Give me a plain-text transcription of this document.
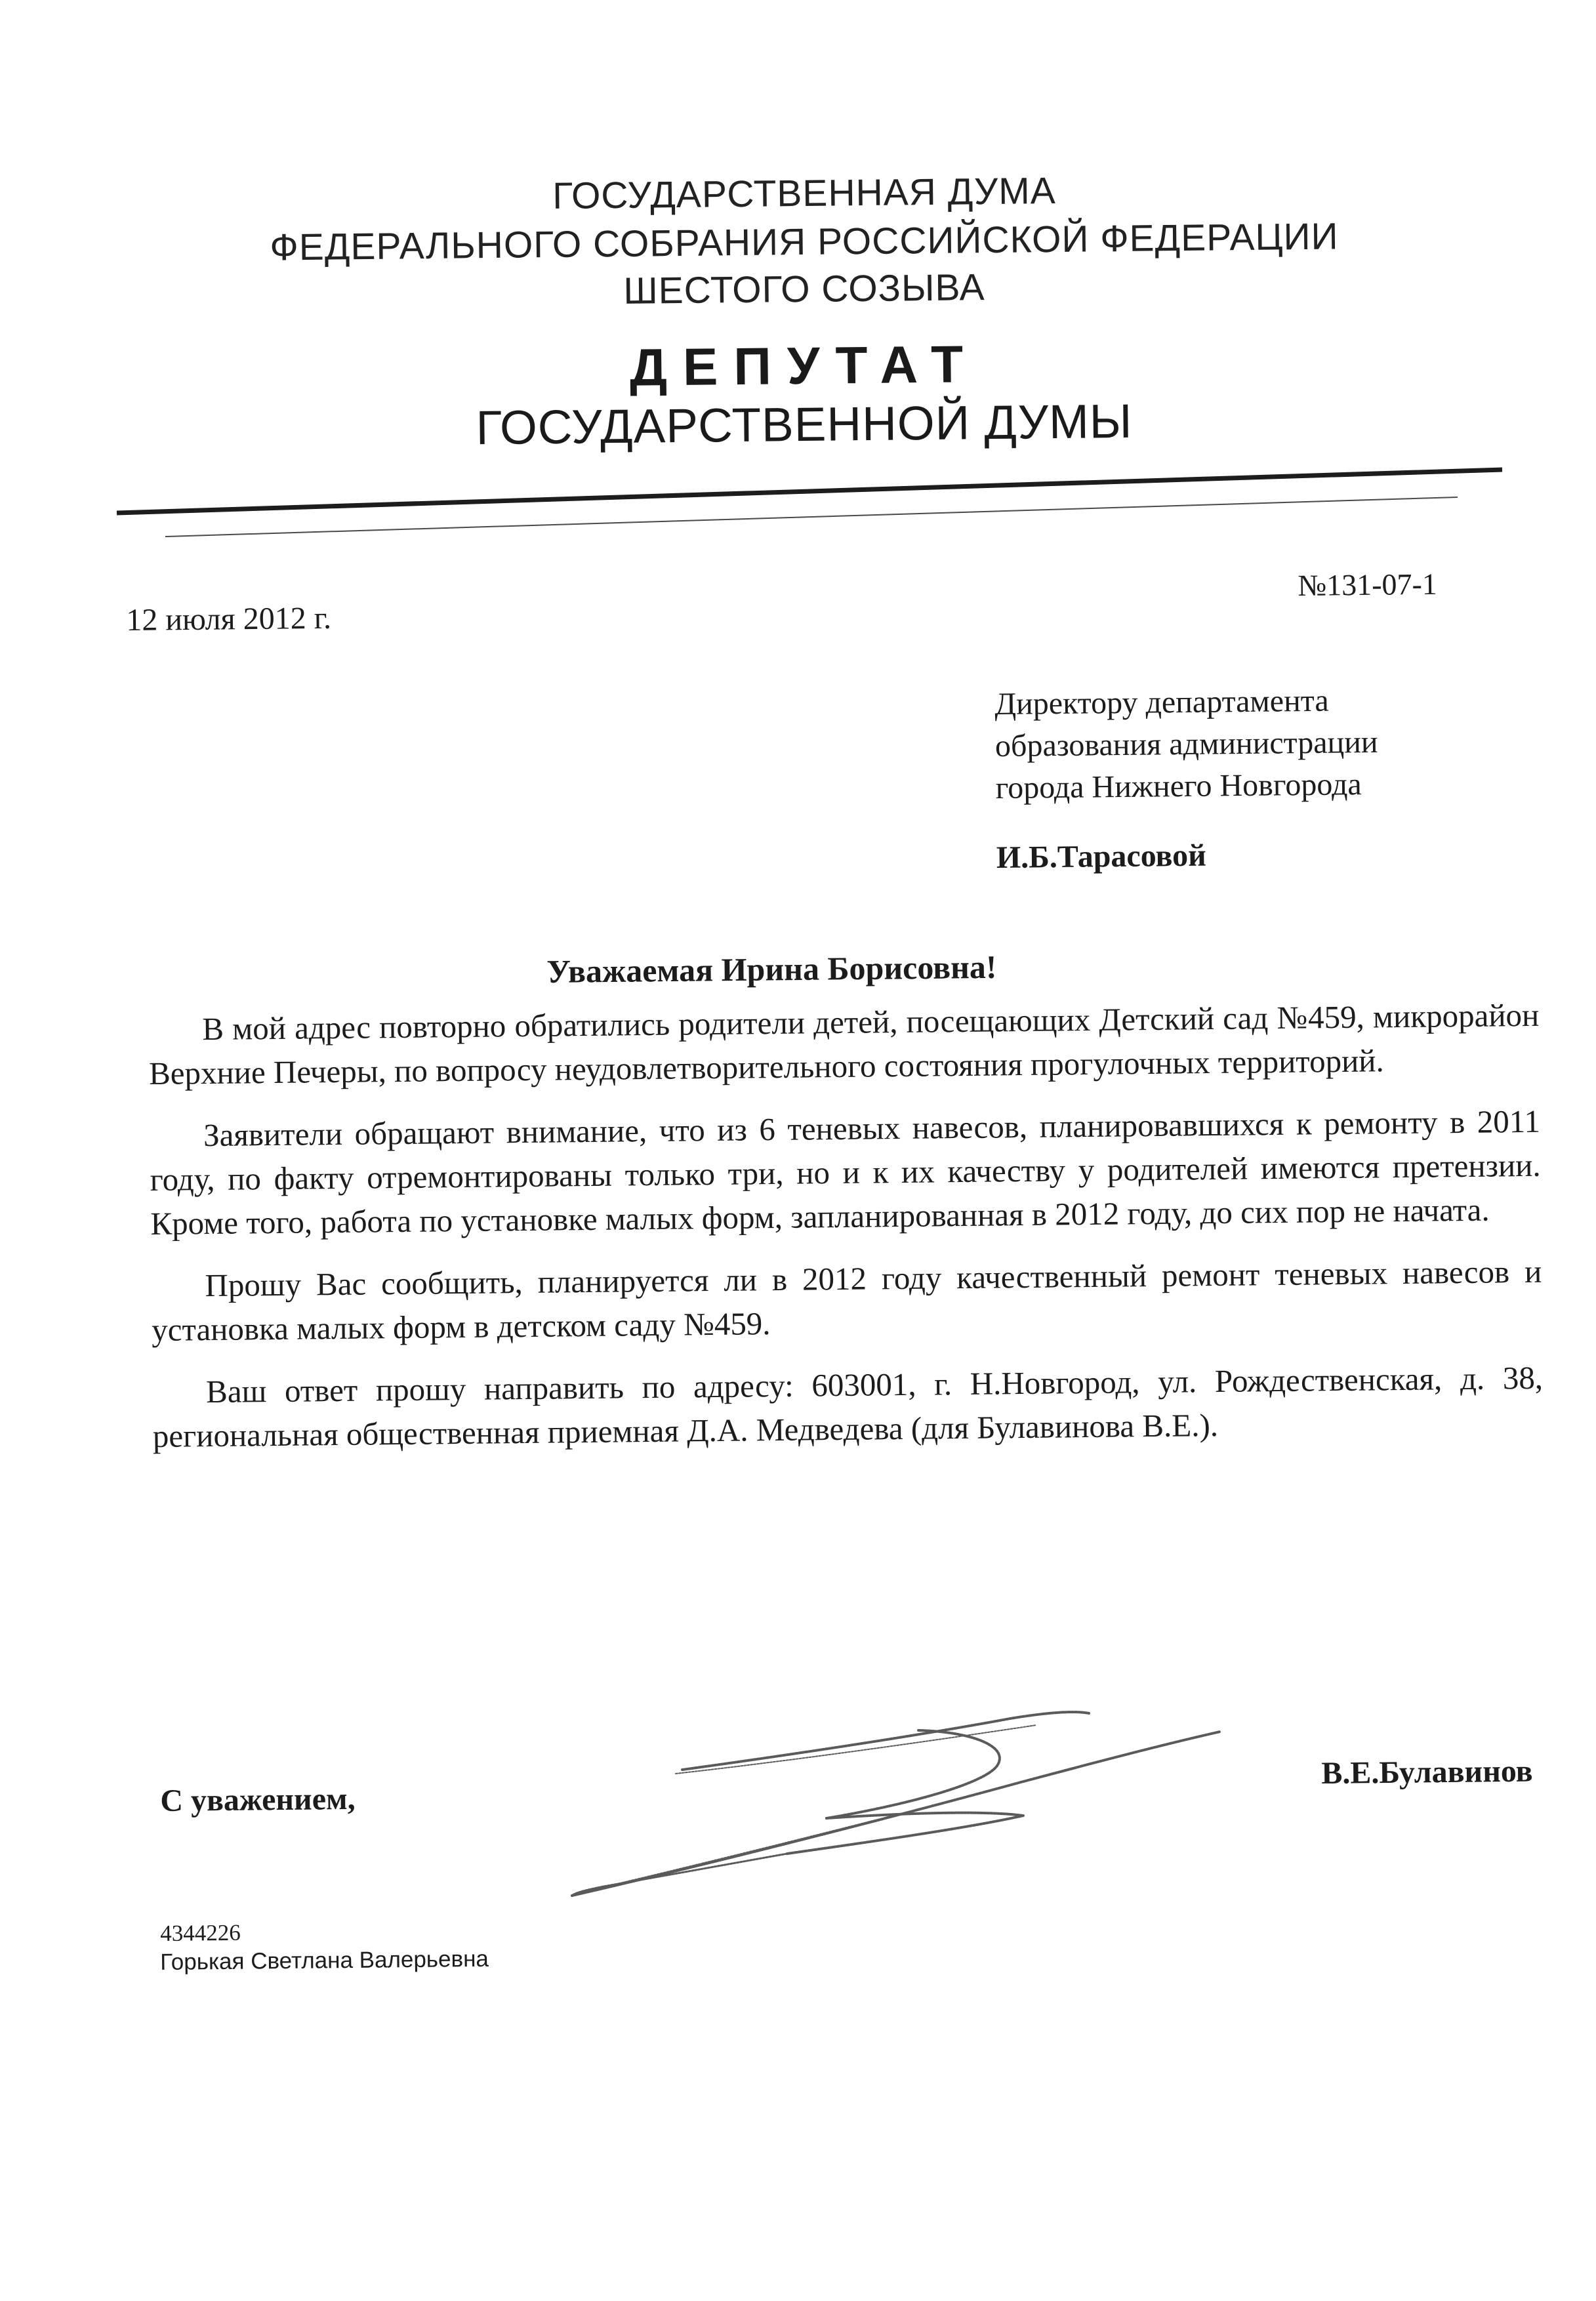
ГОСУДАРСТВЕННАЯ ДУМА
ФЕДЕРАЛЬНОГО СОБРАНИЯ РОССИЙСКОЙ ФЕДЕРАЦИИ
ШЕСТОГО СОЗЫВА
ДЕПУТАТ
ГОСУДАРСТВЕННОЙ ДУМЫ
12 июля 2012 г.
№131-07-1
Директору департамента
образования администрации
города Нижнего Новгорода
И.Б.Тарасовой
Уважаемая Ирина Борисовна!

В мой адрес повторно обратились родители детей, посещающих Детский сад №459, микрорайон Верхние Печеры, по вопросу неудовлетворительного состояния прогулочных территорий.

Заявители обращают внимание, что из 6 теневых навесов, планировавшихся к ремонту в 2011 году, по факту отремонтированы только три, но и к их качеству у родителей имеются претензии. Кроме того, работа по установке малых форм, запланированная в 2012 году, до сих пор не начата.

Прошу Вас сообщить, планируется ли в 2012 году качественный ремонт теневых навесов и установка малых форм в детском саду №459.

Ваш ответ прошу направить по адресу: 603001, г. Н.Новгород, ул. Рождественская, д. 38, региональная общественная приемная Д.А. Медведева (для Булавинова В.Е.).

С уважением,
В.Е.Булавинов
4344226
Горькая Светлана Валерьевна
